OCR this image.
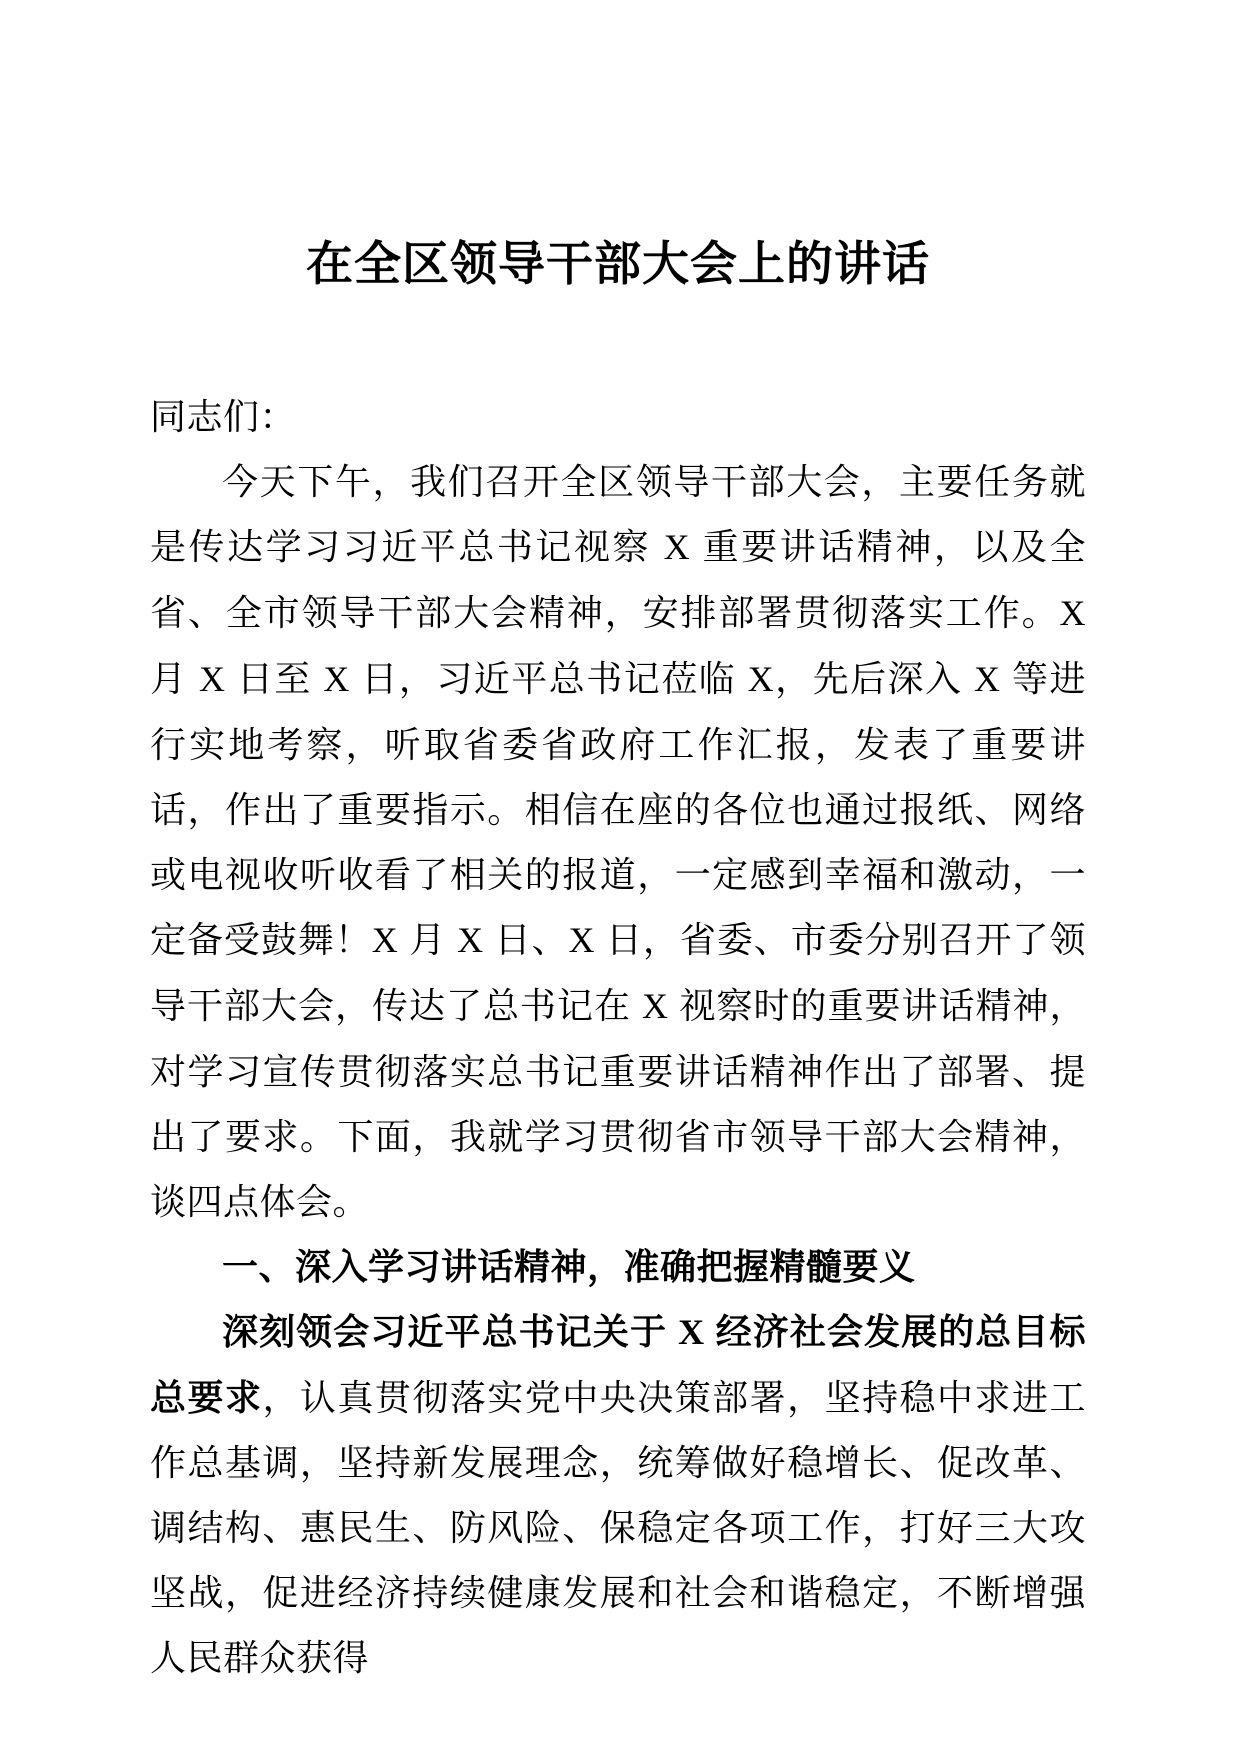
在全区领导干部大会上的讲话

同志们：

今天下午，我们召开全区领导干部大会，主要任务就是传达学习习近平总书记视察 X 重要讲话精神，以及全省、全市领导干部大会精神，安排部署贯彻落实工作。X 月 X 日至 X 日，习近平总书记莅临 X，先后深入 X 等进行实地考察，听取省委省政府工作汇报，发表了重要讲话，作出了重要指示。相信在座的各位也通过报纸、网络或电视收听收看了相关的报道，一定感到幸福和激动，一定备受鼓舞！X 月 X 日、X 日，省委、市委分别召开了领导干部大会，传达了总书记在 X 视察时的重要讲话精神，对学习宣传贯彻落实总书记重要讲话精神作出了部署、提出了要求。下面，我就学习贯彻省市领导干部大会精神，谈四点体会。

一、深入学习讲话精神，准确把握精髓要义

深刻领会习近平总书记关于 X 经济社会发展的总目标总要求，认真贯彻落实党中央决策部署，坚持稳中求进工作总基调，坚持新发展理念，统筹做好稳增长、促改革、调结构、惠民生、防风险、保稳定各项工作，打好三大攻坚战，促进经济持续健康发展和社会和谐稳定，不断增强人民群众获得
